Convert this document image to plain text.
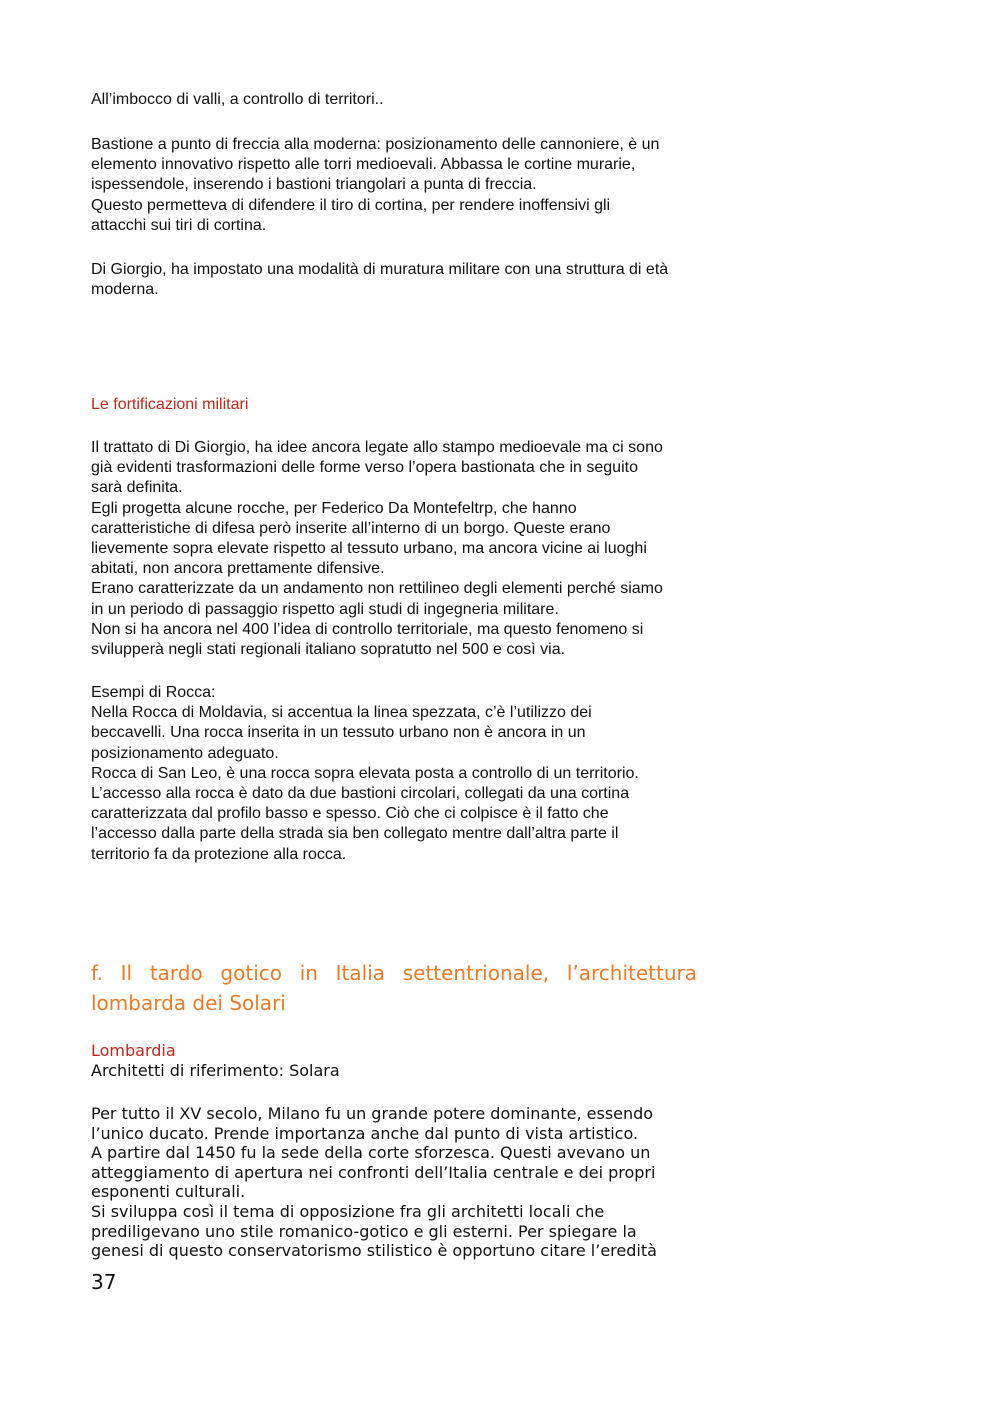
All’imbocco di valli, a controllo di territori..

Bastione a punto di freccia alla moderna: posizionamento delle cannoniere, è un
elemento innovativo rispetto alle torri medioevali. Abbassa le cortine murarie,
ispessendole, inserendo i bastioni triangolari a punta di freccia.
Questo permetteva di difendere il tiro di cortina, per rendere inoffensivi gli
attacchi sui tiri di cortina.

Di Giorgio, ha impostato una modalità di muratura militare con una struttura di età
moderna.

Le fortificazioni militari

Il trattato di Di Giorgio, ha idee ancora legate allo stampo medioevale ma ci sono
già evidenti trasformazioni delle forme verso l’opera bastionata che in seguito
sarà definita.
Egli progetta alcune rocche, per Federico Da Montefeltrp, che hanno
caratteristiche di difesa però inserite all’interno di un borgo. Queste erano
lievemente sopra elevate rispetto al tessuto urbano, ma ancora vicine ai luoghi
abitati, non ancora prettamente difensive.
Erano caratterizzate da un andamento non rettilineo degli elementi perché siamo
in un periodo di passaggio rispetto agli studi di ingegneria militare.
Non si ha ancora nel 400 l’idea di controllo territoriale, ma questo fenomeno si
svilupperà negli stati regionali italiano sopratutto nel 500 e così via.

Esempi di Rocca:
Nella Rocca di Moldavia, si accentua la linea spezzata, c’è l’utilizzo dei
beccavelli. Una rocca inserita in un tessuto urbano non è ancora in un
posizionamento adeguato.
Rocca di San Leo, è una rocca sopra elevata posta a controllo di un territorio.
L’accesso alla rocca è dato da due bastioni circolari, collegati da una cortina
caratterizzata dal profilo basso e spesso. Ciò che ci colpisce è il fatto che
l’accesso dalla parte della strada sia ben collegato mentre dall’altra parte il
territorio fa da protezione alla rocca.

f. Il tardo gotico in Italia settentrionale, l’architettura
lombarda dei Solari

Lombardia

Architetti di riferimento: Solara

Per tutto il XV secolo, Milano fu un grande potere dominante, essendo
l’unico ducato. Prende importanza anche dal punto di vista artistico.
A partire dal 1450 fu la sede della corte sforzesca. Questi avevano un
atteggiamento di apertura nei confronti dell’Italia centrale e dei propri
esponenti culturali.
Si sviluppa così il tema di opposizione fra gli architetti locali che
prediligevano uno stile romanico-gotico e gli esterni. Per spiegare la
genesi di questo conservatorismo stilistico è opportuno citare l’eredità

37
